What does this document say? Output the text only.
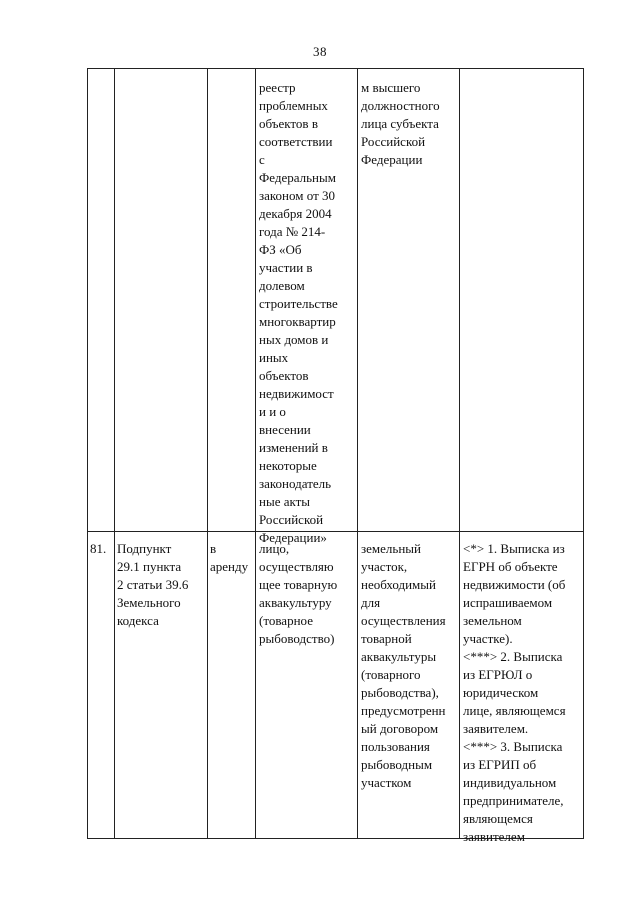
38
реестр
проблемных
объектов в
соответствии
с
Федеральным
законом от 30
декабря 2004
года № 214-
ФЗ «Об
участии в
долевом
строительстве
многоквартир
ных домов и
иных
объектов
недвижимост
и и о
внесении
изменений в
некоторые
законодатель
ные акты
Российской
Федерации»
м высшего
должностного
лица субъекта
Российской
Федерации
81. Подпункт
29.1 пункта
2 статьи 39.6
Земельного
кодекса
в
аренду
лицо,
осуществляю
щее товарную
аквакультуру
(товарное
рыбоводство)
земельный
участок,
необходимый
для
осуществления
товарной
аквакультуры
(товарного
рыбоводства),
предусмотренн
ый договором
пользования
рыбоводным
участком
<*> 1. Выписка из
ЕГРН об объекте
недвижимости (об
испрашиваемом
земельном
участке).
<***> 2. Выписка
из ЕГРЮЛ о
юридическом
лице, являющемся
заявителем.
<***> 3. Выписка
из ЕГРИП об
индивидуальном
предпринимателе,
являющемся
заявителем
